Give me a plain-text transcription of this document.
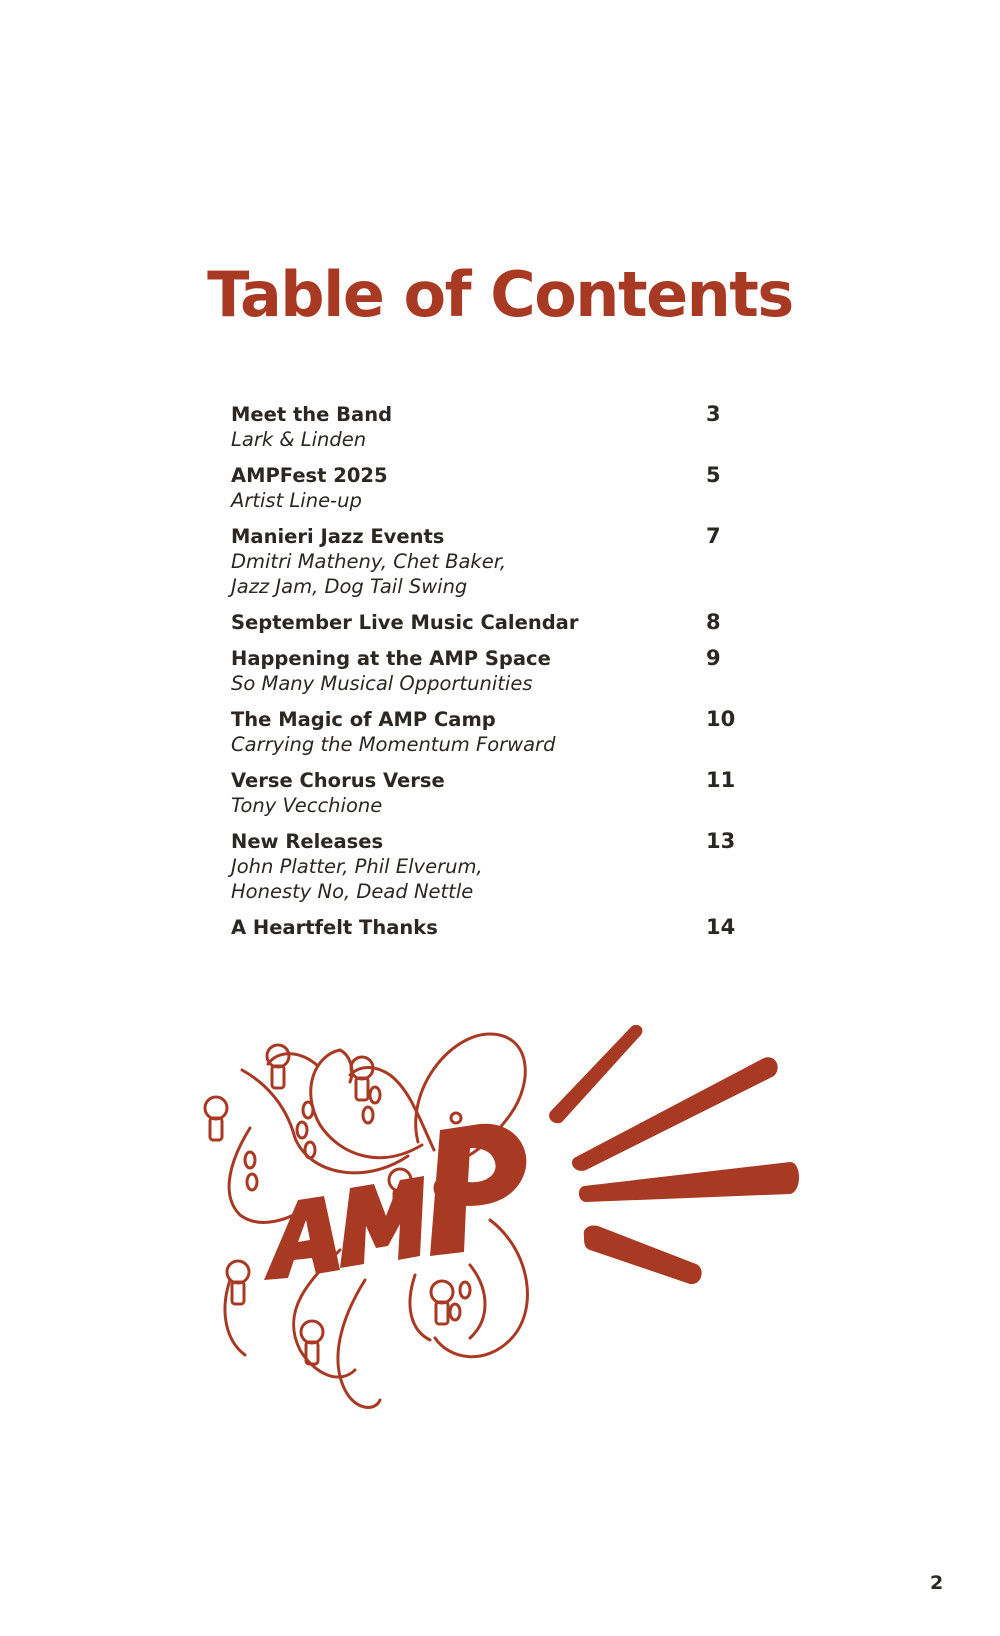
Table of Contents
Meet the Band
Lark & Linden
3
AMPFest 2025
Artist Line-up
5
Manieri Jazz Events
Dmitri Matheny, Chet Baker,
Jazz Jam, Dog Tail Swing
7
September Live Music Calendar	8
Happening at the AMP Space
So Many Musical Opportunities
9
The Magic of AMP Camp
Carrying the Momentum Forward
10
Verse Chorus Verse
Tony Vecchione
11
New Releases
John Platter, Phil Elverum,
Honesty No, Dead Nettle
13
A Heartfelt Thanks	14
2
